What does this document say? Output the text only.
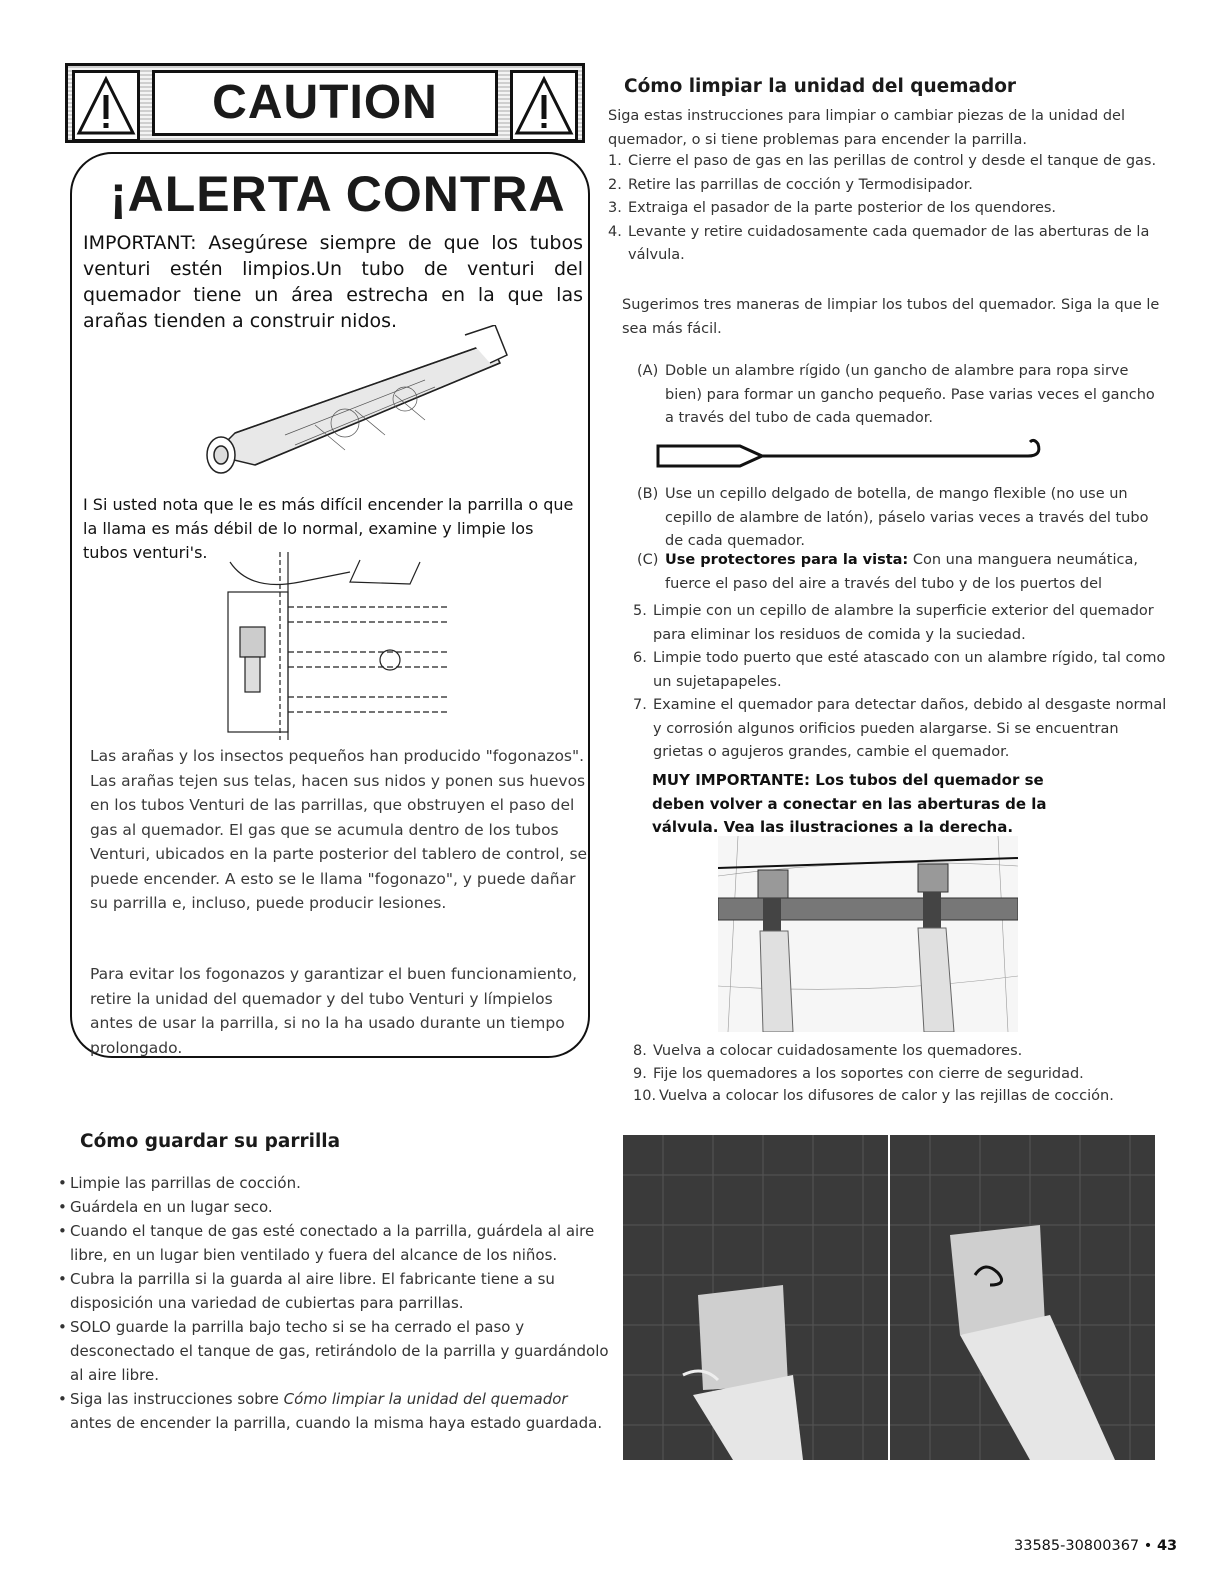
CAUTION
¡ALERTA CONTRA
IMPORTANT: Asegúrese siempre de que los tubos venturi estén limpios.Un tubo de venturi del quemador tiene un área estrecha en la que las arañas tienden a construir nidos.
I Si usted nota que le es más difícil encender la parrilla o que la llama es más débil de lo normal, examine y limpie los tubos venturi's.
Las arañas y los insectos pequeños han producido "fogonazos". Las arañas tejen sus telas, hacen sus nidos y ponen sus huevos en los tubos Venturi de las parrillas, que obstruyen el paso del gas al quemador. El gas que se acumula dentro de los tubos Venturi, ubicados en la parte posterior del tablero de control, se puede encender. A esto se le llama "fogonazo", y puede dañar su parrilla e, incluso, puede producir lesiones.
Para evitar los fogonazos y garantizar el buen funcionamiento, retire la unidad del quemador y del tubo Venturi y límpielos antes de usar la parrilla, si no la ha usado durante un tiempo prolongado.
Cómo limpiar la unidad del quemador
Siga estas instrucciones para limpiar o cambiar piezas de la unidad del quemador, o si tiene problemas para encender la parrilla.
1. Cierre el paso de gas en las perillas de control y desde el tanque de gas.
2. Retire las parrillas de cocción y Termodisipador.
3. Extraiga el pasador de la parte posterior de los quendores.
4. Levante y retire cuidadosamente cada quemador de las aberturas de la válvula.
Sugerimos tres maneras de limpiar los tubos del quemador. Siga la que le sea más fácil.
(A) Doble un alambre rígido (un gancho de alambre para ropa sirve bien) para formar un gancho pequeño. Pase varias veces el gancho a través del tubo de cada quemador.
(B) Use un cepillo delgado de botella, de mango flexible (no use un cepillo de alambre de latón), páselo varias veces a través del tubo de cada quemador.
(C) Use protectores para la vista: Con una manguera neumática, fuerce el paso del aire a través del tubo y de los puertos del
5. Limpie con un cepillo de alambre la superficie exterior del quemador para eliminar los residuos de comida y la suciedad.
6. Limpie todo puerto que esté atascado con un alambre rígido, tal como un sujetapapeles.
7. Examine el quemador para detectar daños, debido al desgaste normal y corrosión algunos orificios pueden alargarse. Si se encuentran grietas o agujeros grandes, cambie el quemador.
MUY IMPORTANTE: Los tubos del quemador se deben volver a conectar en las aberturas de la válvula. Vea las ilustraciones a la derecha.
8. Vuelva a colocar cuidadosamente los quemadores.
9. Fije los quemadores a los soportes con cierre de seguridad.
10. Vuelva a colocar los difusores de calor y las rejillas de cocción.
Cómo guardar su parrilla
• Limpie las parrillas de cocción.
• Guárdela en un lugar seco.
• Cuando el tanque de gas esté conectado a la parrilla, guárdela al aire libre, en un lugar bien ventilado y fuera del alcance de los niños.
• Cubra la parrilla si la guarda al aire libre. El fabricante tiene a su disposición una variedad de cubiertas para parrillas.
• SOLO guarde la parrilla bajo techo si se ha cerrado el paso y desconectado el tanque de gas, retirándolo de la parrilla y guardándolo al aire libre.
• Siga las instrucciones sobre Cómo limpiar la unidad del quemador antes de encender la parrilla, cuando la misma haya estado guardada.
33585-30800367 • 43
